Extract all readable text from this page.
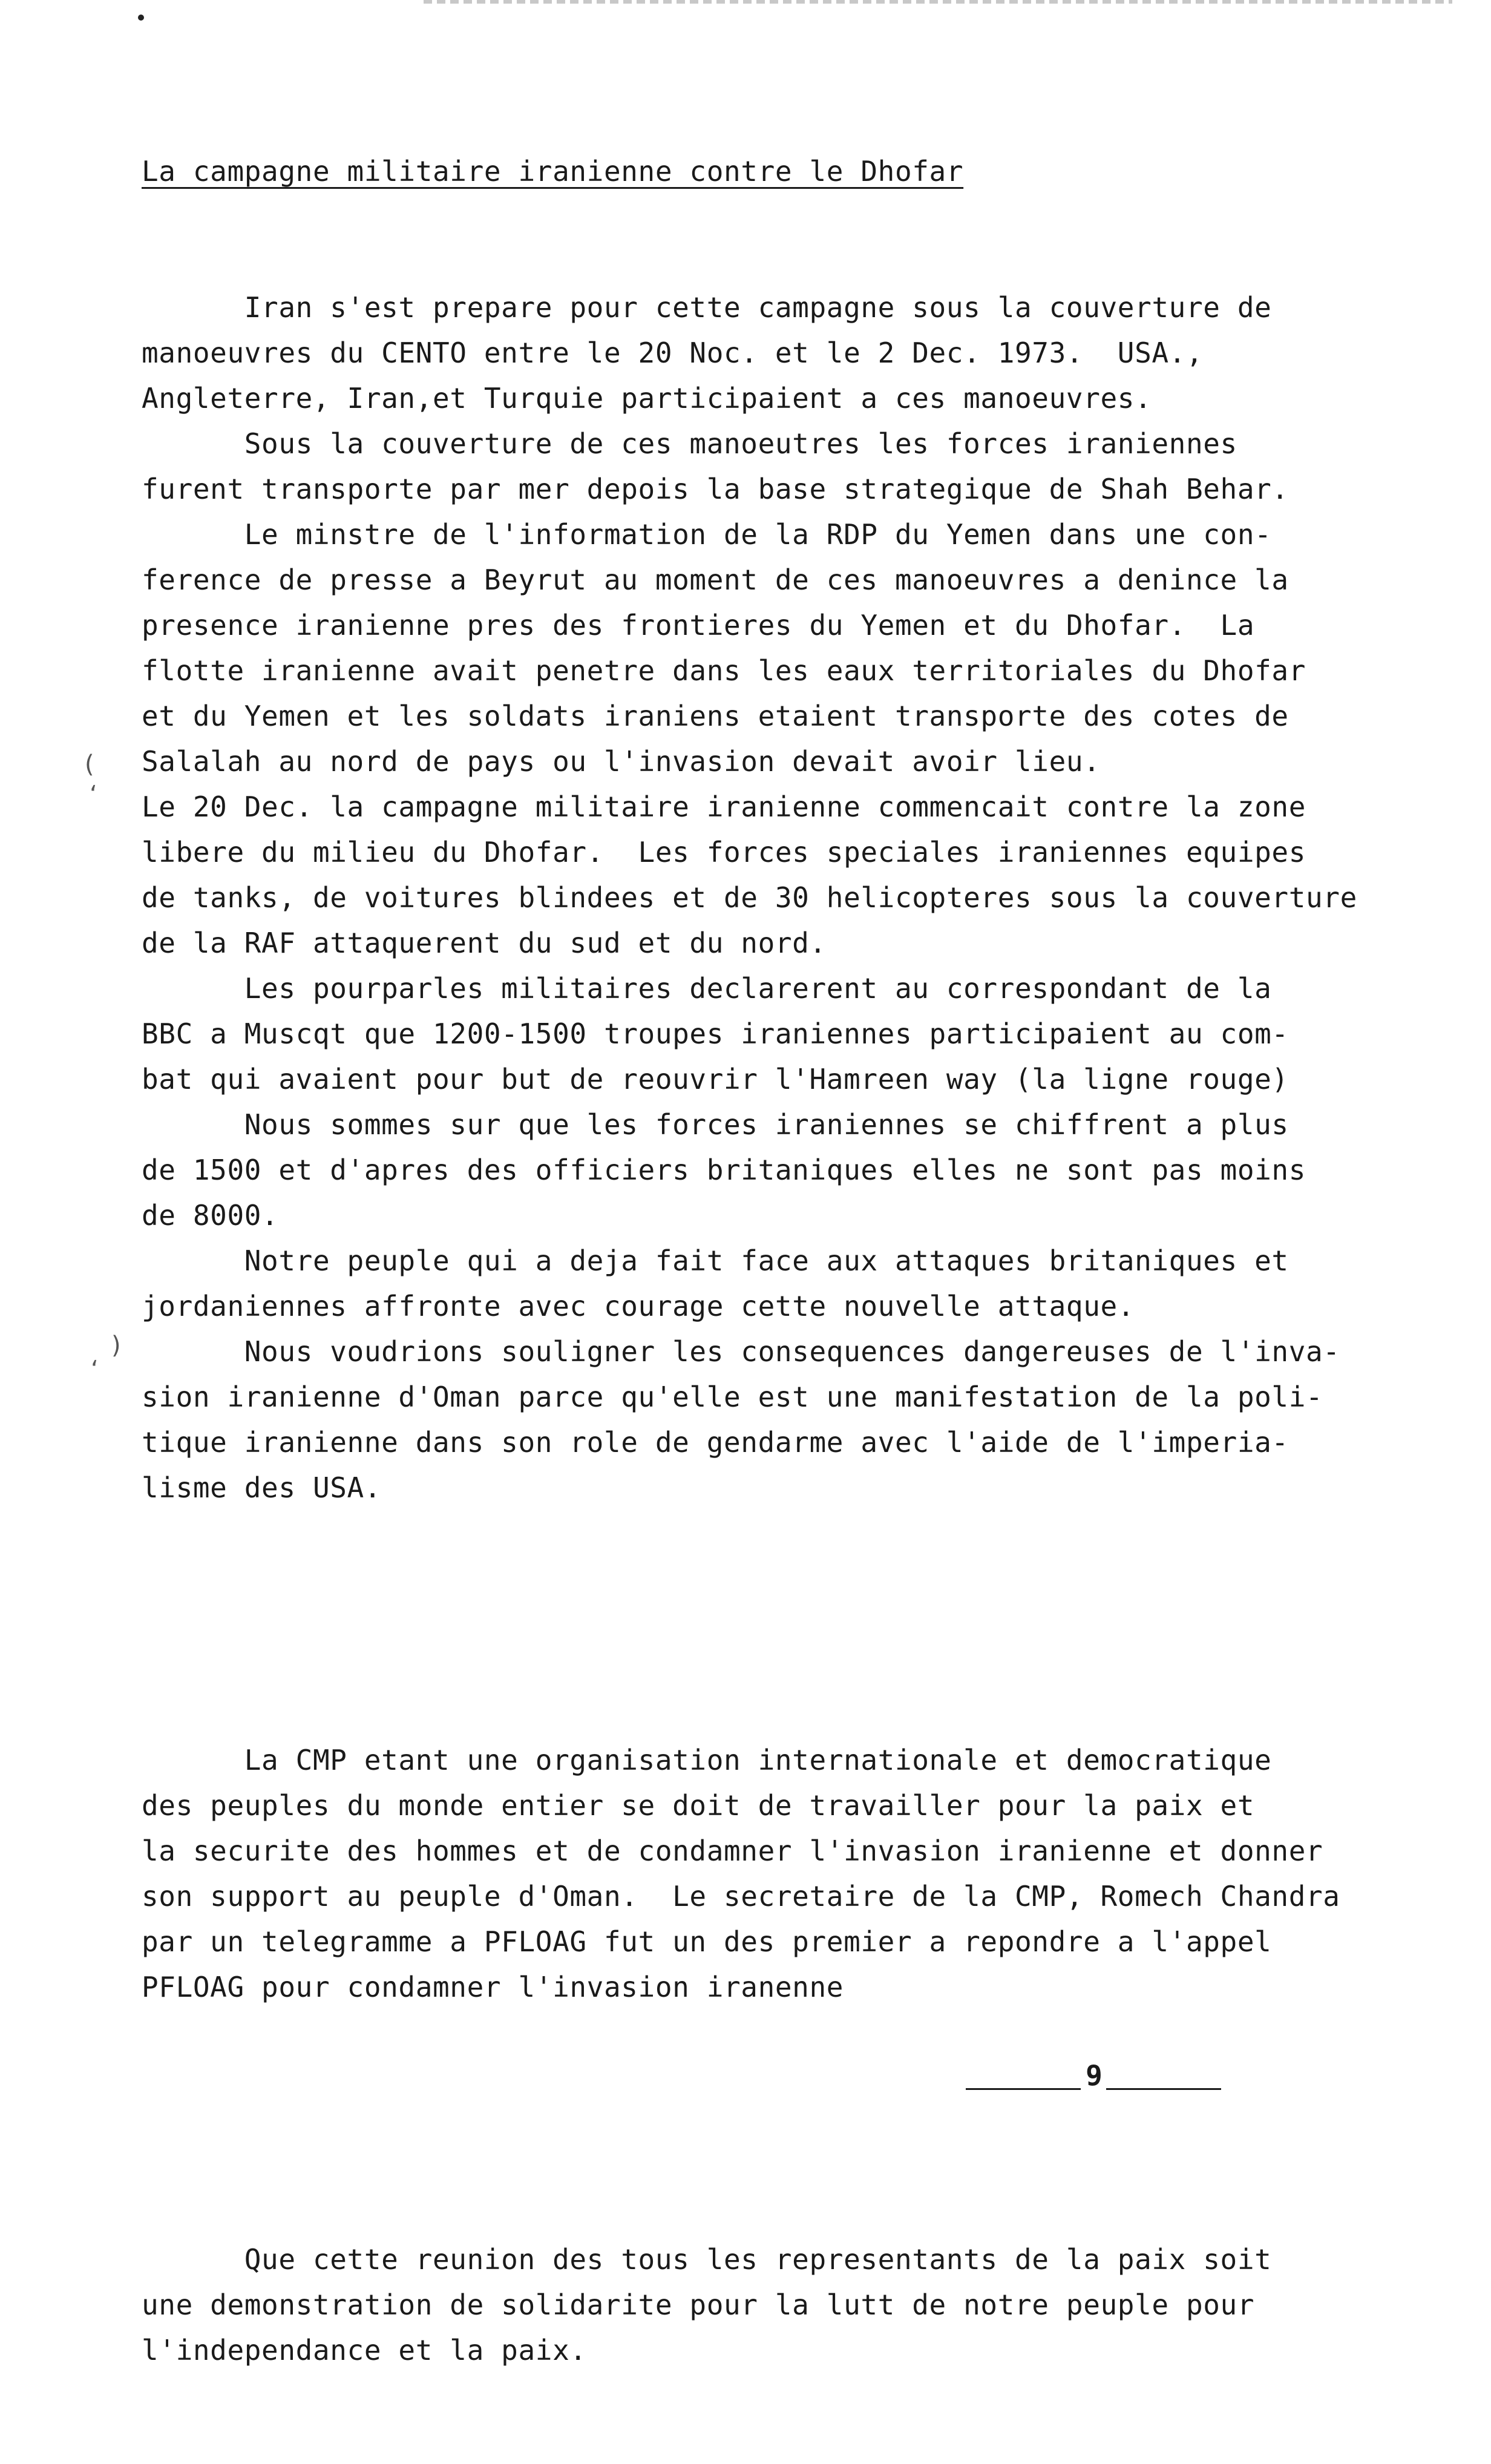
(
‘
)
‘

La campagne militaire iranienne contre le Dhofar

Iran s'est prepare pour cette campagne sous la couverture de
manoeuvres du CENTO entre le 20 Noc. et le 2 Dec. 1973.  USA.,
Angleterre, Iran,et Turquie participaient a ces manoeuvres.
Sous la couverture de ces manoeutres les forces iraniennes
furent transporte par mer depois la base strategique de Shah Behar.
Le minstre de l'information de la RDP du Yemen dans une con-
ference de presse a Beyrut au moment de ces manoeuvres a denince la
presence iranienne pres des frontieres du Yemen et du Dhofar.  La
flotte iranienne avait penetre dans les eaux territoriales du Dhofar
et du Yemen et les soldats iraniens etaient transporte des cotes de
Salalah au nord de pays ou l'invasion devait avoir lieu.
Le 20 Dec. la campagne militaire iranienne commencait contre la zone
libere du milieu du Dhofar.  Les forces speciales iraniennes equipes
de tanks, de voitures blindees et de 30 helicopteres sous la couverture
de la RAF attaquerent du sud et du nord.
Les pourparles militaires declarerent au correspondant de la
BBC a Muscqt que 1200-1500 troupes iraniennes participaient au com-
bat qui avaient pour but de reouvrir l'Hamreen way (la ligne rouge)
Nous sommes sur que les forces iraniennes se chiffrent a plus
de 1500 et d'apres des officiers britaniques elles ne sont pas moins
de 8000.
Notre peuple qui a deja fait face aux attaques britaniques et
jordaniennes affronte avec courage cette nouvelle attaque.
Nous voudrions souligner les consequences dangereuses de l'inva-
sion iranienne d'Oman parce qu'elle est une manifestation de la poli-
tique iranienne dans son role de gendarme avec l'aide de l'imperia-
lisme des USA.

La CMP etant une organisation internationale et democratique
des peuples du monde entier se doit de travailler pour la paix et
la securite des hommes et de condamner l'invasion iranienne et donner
son support au peuple d'Oman.  Le secretaire de la CMP, Romech Chandra
par un telegramme a PFLOAG fut un des premier a repondre a l'appel
PFLOAG pour condamner l'invasion iranenne

Que cette reunion des tous les representants de la paix soit
une demonstration de solidarite pour la lutt de notre peuple pour
l'independance et la paix.

9
